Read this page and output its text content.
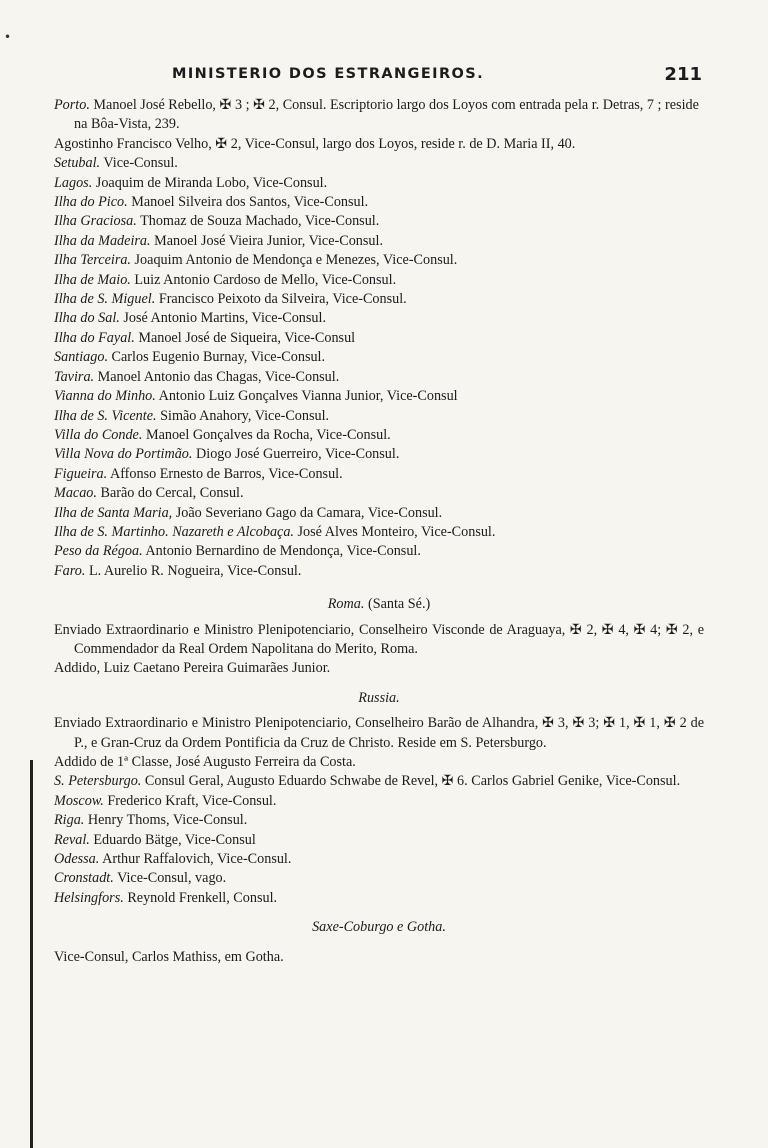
•
MINISTERIO DOS ESTRANGEIROS.	211

Porto. Manoel José Rebello, ✠ 3 ; ✠ 2, Consul. Escriptorio largo dos Loyos com entrada pela r. Detras, 7 ; reside na Bôa-Vista, 239.

Agostinho Francisco Velho, ✠ 2, Vice-Consul, largo dos Loyos, reside r. de D. Maria II, 40.

Setubal. Vice-Consul.

Lagos. Joaquim de Miranda Lobo, Vice-Consul.

Ilha do Pico. Manoel Silveira dos Santos, Vice-Consul.

Ilha Graciosa. Thomaz de Souza Machado, Vice-Consul.

Ilha da Madeira. Manoel José Vieira Junior, Vice-Consul.

Ilha Terceira. Joaquim Antonio de Mendonça e Menezes, Vice-Consul.

Ilha de Maio. Luiz Antonio Cardoso de Mello, Vice-Consul.

Ilha de S. Miguel. Francisco Peixoto da Silveira, Vice-Consul.

Ilha do Sal. José Antonio Martins, Vice-Consul.

Ilha do Fayal. Manoel José de Siqueira, Vice-Consul

Santiago. Carlos Eugenio Burnay, Vice-Consul.

Tavira. Manoel Antonio das Chagas, Vice-Consul.

Vianna do Minho. Antonio Luiz Gonçalves Vianna Junior, Vice-Consul

Ilha de S. Vicente. Simão Anahory, Vice-Consul.

Villa do Conde. Manoel Gonçalves da Rocha, Vice-Consul.

Villa Nova do Portimão. Diogo José Guerreiro, Vice-Consul.

Figueira. Affonso Ernesto de Barros, Vice-Consul.

Macao. Barão do Cercal, Consul.

Ilha de Santa Maria, João Severiano Gago da Camara, Vice-Consul.

Ilha de S. Martinho. Nazareth e Alcobaça. José Alves Monteiro, Vice-Consul.

Peso da Régoa. Antonio Bernardino de Mendonça, Vice-Consul.

Faro. L. Aurelio R. Nogueira, Vice-Consul.

Roma. (Santa Sé.)

Enviado Extraordinario e Ministro Plenipotenciario, Conselheiro Visconde de Araguaya, ✠ 2, ✠ 4, ✠ 4; ✠ 2, e Commendador da Real Ordem Napolitana do Merito, Roma.

Addido, Luiz Caetano Pereira Guimarães Junior.

Russia.

Enviado Extraordinario e Ministro Plenipotenciario, Conselheiro Barão de Alhandra, ✠ 3, ✠ 3; ✠ 1, ✠ 1, ✠ 2 de P., e Gran-Cruz da Ordem Pontificia da Cruz de Christo. Reside em S. Petersburgo.

Addido de 1ª Classe, José Augusto Ferreira da Costa.

S. Petersburgo. Consul Geral, Augusto Eduardo Schwabe de Revel, ✠ 6. Carlos Gabriel Genike, Vice-Consul.

Moscow. Frederico Kraft, Vice-Consul.

Riga. Henry Thoms, Vice-Consul.

Reval. Eduardo Bätge, Vice-Consul

Odessa. Arthur Raffalovich, Vice-Consul.

Cronstadt. Vice-Consul, vago.

Helsingfors. Reynold Frenkell, Consul.

Saxe-Coburgo e Gotha.

Vice-Consul, Carlos Mathiss, em Gotha.
